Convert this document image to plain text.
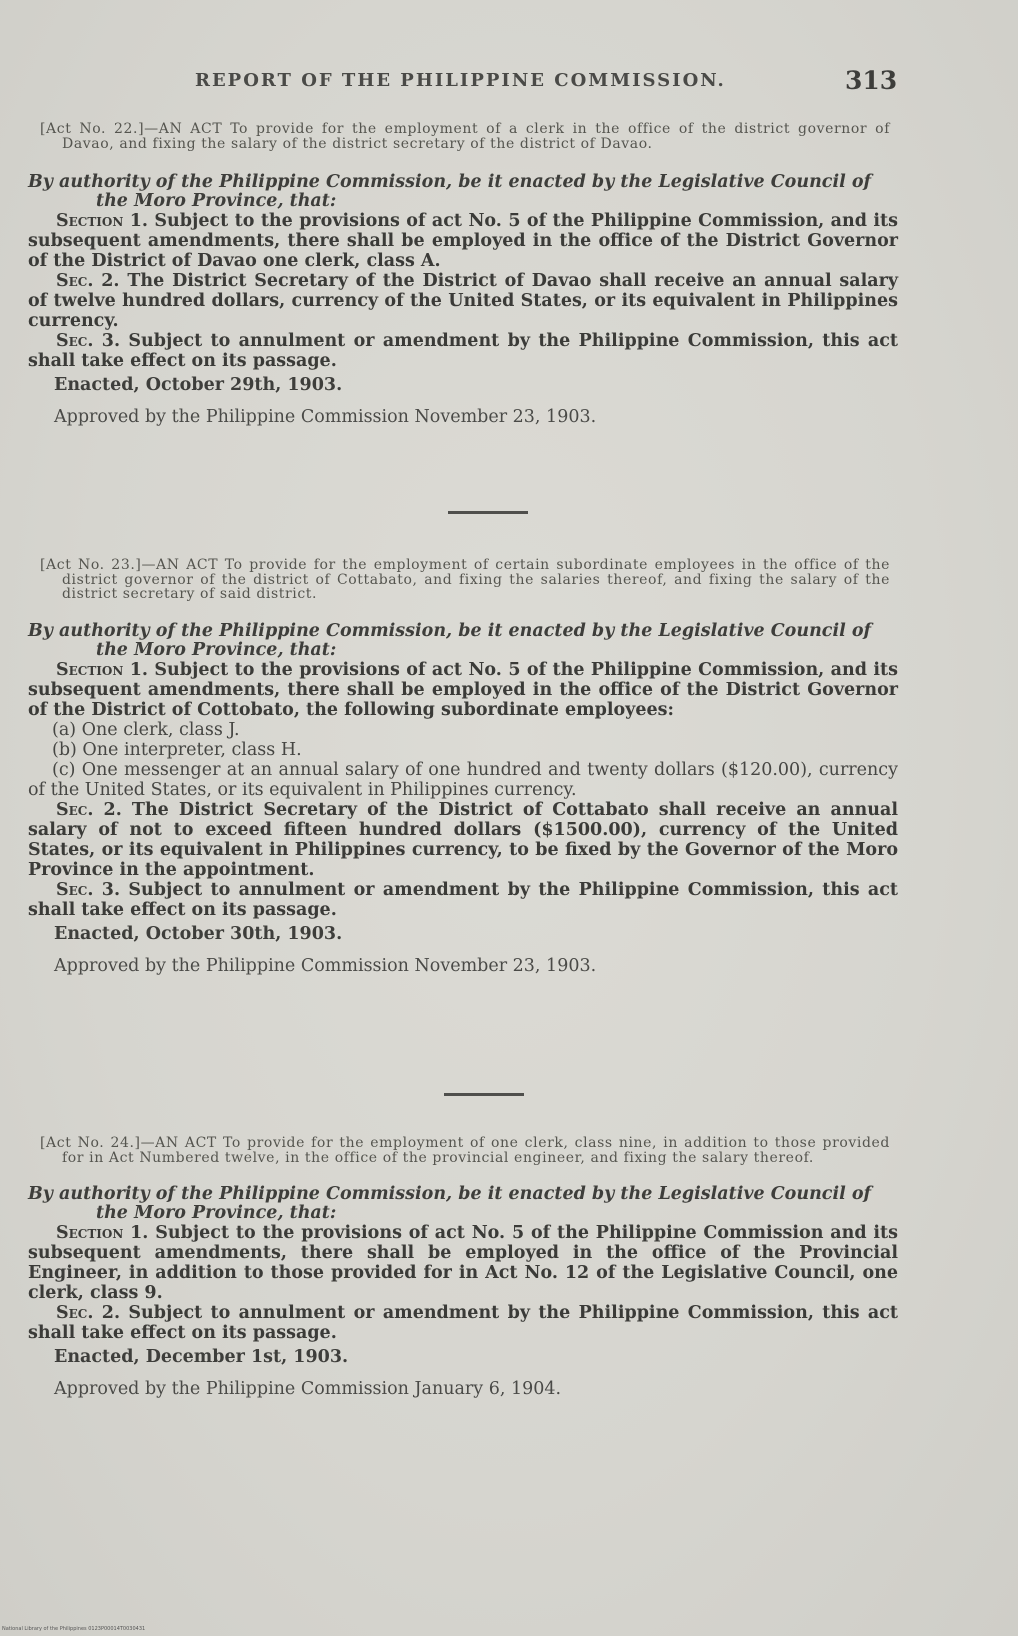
REPORT OF THE PHILIPPINE COMMISSION.	313
[Act No. 22.]—AN ACT To provide for the employment of a clerk in the office of the district governor of Davao, and fixing the salary of the district secretary of the district of Davao.
By authority of the Philippine Commission, be it enacted by the Legislative Council of the Moro Province, that:

Section 1. Subject to the provisions of act No. 5 of the Philippine Commission, and its subsequent amendments, there shall be employed in the office of the District Governor of the District of Davao one clerk, class A.

Sec. 2. The District Secretary of the District of Davao shall receive an annual salary of twelve hundred dollars, currency of the United States, or its equivalent in Philippines currency.

Sec. 3. Subject to annulment or amendment by the Philippine Commission, this act shall take effect on its passage.

Enacted, October 29th, 1903.

Approved by the Philippine Commission November 23, 1903.

[Act No. 23.]—AN ACT To provide for the employment of certain subordinate employees in the office of the district governor of the district of Cottabato, and fixing the salaries thereof, and fixing the salary of the district secretary of said district.
By authority of the Philippine Commission, be it enacted by the Legislative Council of the Moro Province, that:

Section 1. Subject to the provisions of act No. 5 of the Philippine Commission, and its subsequent amendments, there shall be employed in the office of the District Governor of the District of Cottobato, the following subordinate employees:

(a) One clerk, class J.

(b) One interpreter, class H.

(c) One messenger at an annual salary of one hundred and twenty dollars ($120.00), currency of the United States, or its equivalent in Philippines currency.

Sec. 2. The District Secretary of the District of Cottabato shall receive an annual salary of not to exceed fifteen hundred dollars ($1500.00), currency of the United States, or its equivalent in Philippines currency, to be fixed by the Governor of the Moro Province in the appointment.

Sec. 3. Subject to annulment or amendment by the Philippine Commission, this act shall take effect on its passage.

Enacted, October 30th, 1903.

Approved by the Philippine Commission November 23, 1903.

[Act No. 24.]—AN ACT To provide for the employment of one clerk, class nine, in addition to those provided for in Act Numbered twelve, in the office of the provincial engineer, and fixing the salary thereof.
By authority of the Philippine Commission, be it enacted by the Legislative Council of the Moro Province, that:

Section 1. Subject to the provisions of act No. 5 of the Philippine Commission and its subsequent amendments, there shall be employed in the office of the Provincial Engineer, in addition to those provided for in Act No. 12 of the Legislative Council, one clerk, class 9.

Sec. 2. Subject to annulment or amendment by the Philippine Commission, this act shall take effect on its passage.

Enacted, December 1st, 1903.

Approved by the Philippine Commission January 6, 1904.

National Library of the Philippines 0123P00014T0030431
